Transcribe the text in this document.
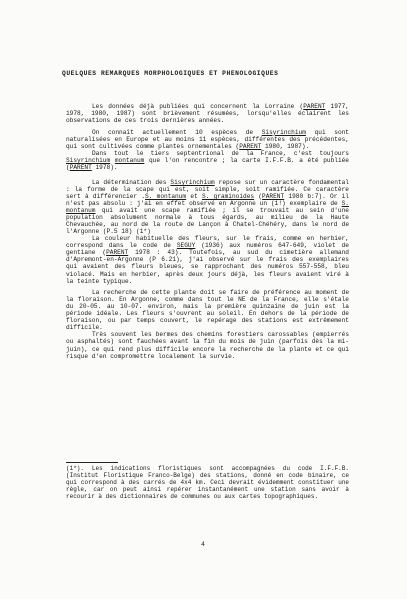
QUELQUES REMARQUES MORPHOLOGIQUES ET PHENOLOGIQUES

Les données déjà publiées qui concernent la Lorraine (PARENT 1977, 1978, 1980, 1987) sont brièvement résumées, lorsqu'elles éclairent les observations de ces trois dernières années.

On connaît actuellement 10 espèces de Sisyrinchium qui sont naturalisées en Europe et au moins 11 espèces, différentes des précédentes, qui sont cultivées comme plantes ornementales (PARENT 1980, 1987).

Dans tout le tiers septentrional de la France, c'est toujours Sisyrinchium montanum que l'on rencontre ; la carte I.F.F.B. a été publiée (PARENT 1978).

La détermination des Sisyrinchium repose sur un caractère fondamental : la forme de la scape qui est, soit simple, soit ramifiée. Ce caractère sert à différencier .S. montanum et S. graminoides (PARENT 1980 b:7). Or il n'est pas absolu : j'ai en effet observé en Argonne un (1!) exemplaire de S. montanum qui avait une scape ramifiée ; il se trouvait au sein d'une population absolument normale à tous égards, au milieu de la Haute Chevauchée, au nord de la route de Lançon à Chatel-Chéhéry, dans le nord de l'Argonne (P.5 18) (1*)

La couleur habituelle des fleurs, sur le frais, comme en herbier, correspond dans le code de SEGUY (1936) aux numéros 647-649, violet de gentiane (PARENT 1978 : 43). Toutefois, au sud du cimetière allemand d'Apremont-en-Argonne (P 6.21), j'ai observé sur le frais des exemplaires qui avaient des fleurs bleues, se rapprochant des numéros 557-558, bleu violacé. Mais en herbier, après deux jours déjà, les fleurs avaient viré à la teinte typique.

La recherche de cette plante doit se faire de préférence au moment de la floraison. En Argonne, comme dans tout le NE de la France, elle s'étale du 20-05. au 10-07. environ, mais la première quinzaine de juin est la période idéale. Les fleurs s'ouvrent au soleil. En dehors de la période de floraison, ou par temps couvert, le repérage des stations est extrêmement difficile.

Très souvent les bermes des chemins forestiers carossables (empierrés ou asphaltés) sont fauchées avant la fin du mois de juin (parfois dès la mi-juin), ce qui rend plus difficile encore la recherche de la plante et ce qui risque d'en compromettre localement la survie.

(1*). Les indications floristiques sont accompagnées du code I.F.F.B. (Institut Floristique Franco-Belge) des stations, donné en code binaire, ce qui correspond à des carrés de 4x4 km. Ceci devrait évidemment constituer une règle, car on peut ainsi repérer instantanément une station sans avoir à recourir à des dictionnaires de communes ou aux cartes topographiques.

4
